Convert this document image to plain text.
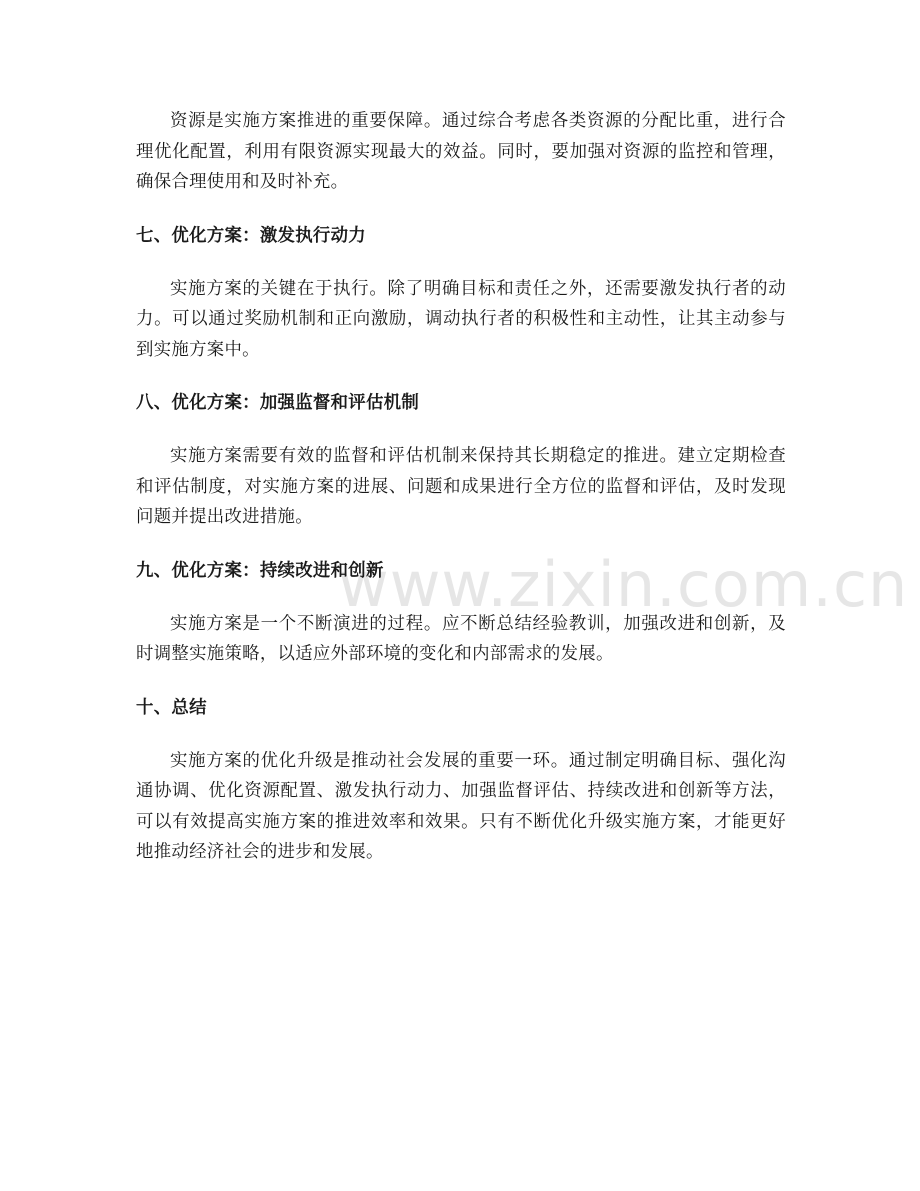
www.zixin.com.cn

资源是实施方案推进的重要保障。通过综合考虑各类资源的分配比重，进行合理优化配置，利用有限资源实现最大的效益。同时，要加强对资源的监控和管理，确保合理使用和及时补充。

七、优化方案：激发执行动力

实施方案的关键在于执行。除了明确目标和责任之外，还需要激发执行者的动力。可以通过奖励机制和正向激励，调动执行者的积极性和主动性，让其主动参与到实施方案中。

八、优化方案：加强监督和评估机制

实施方案需要有效的监督和评估机制来保持其长期稳定的推进。建立定期检查和评估制度，对实施方案的进展、问题和成果进行全方位的监督和评估，及时发现问题并提出改进措施。

九、优化方案：持续改进和创新

实施方案是一个不断演进的过程。应不断总结经验教训，加强改进和创新，及时调整实施策略，以适应外部环境的变化和内部需求的发展。

十、总结

实施方案的优化升级是推动社会发展的重要一环。通过制定明确目标、强化沟通协调、优化资源配置、激发执行动力、加强监督评估、持续改进和创新等方法，可以有效提高实施方案的推进效率和效果。只有不断优化升级实施方案，才能更好地推动经济社会的进步和发展。
